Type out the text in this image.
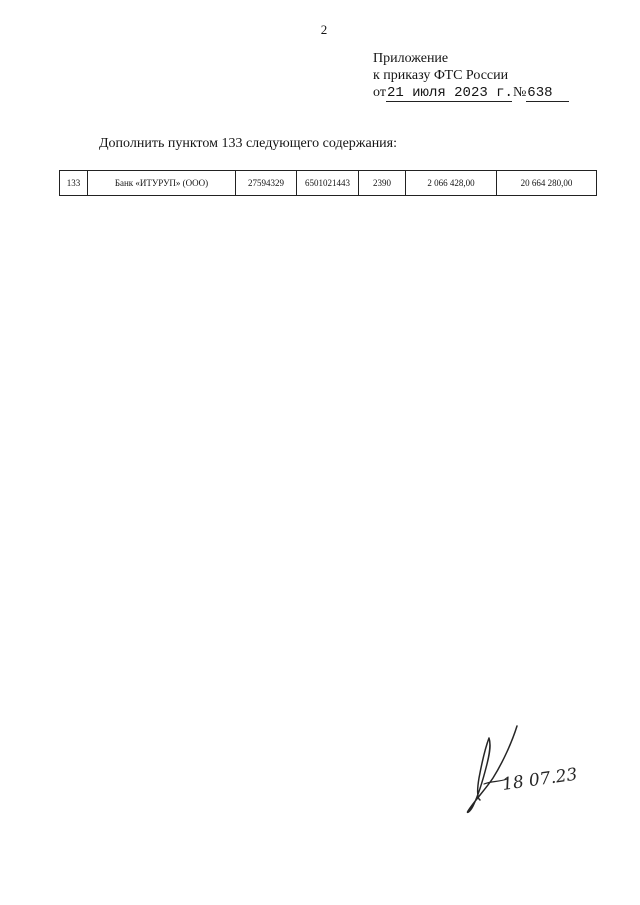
2
Приложение
к приказу ФТС России
от 21 июля 2023 г. № 638
Дополнить пунктом 133 следующего содержания:
133	Банк «ИТУРУП» (ООО)	27594329	6501021443	2390	2 066 428,00	20 664 280,00
18 07.23
